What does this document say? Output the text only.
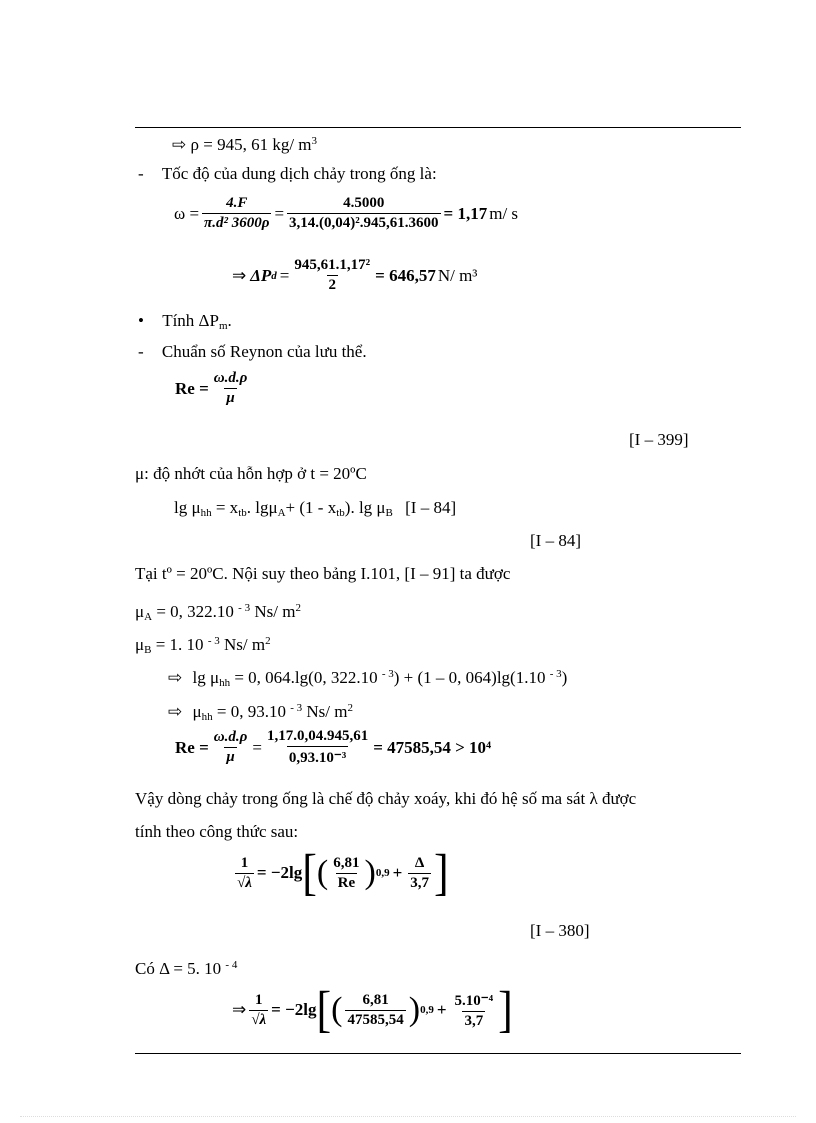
⇨ ρ = 945, 61 kg/ $m^3$
- Tốc độ của dung dịch chảy trong ống là:
$\omega = \frac{4.F}{\text{π.d² 3600ρ}} = \frac{4.5000}{\text{3,14.(0,04)².945,61.3600}} = 1,17$ m/ s
⇒ ΔP $d = \frac{\text{945,61.1,17²}}{2} = 646,57$ N/ m³
• Tính $\Delta P_m$.
- Chuẩn số Reynon của lưu thể.
$Re = \frac{\omega.d.\rho}{\mu}$
[I – 399]
μ: độ nhớt của hỗn hợp ở t = 20ºC
$\lg \mu_{hh} = x_{tb}$. $\lg\mu_A+ (1 - x_{tb})$. $\lg \mu_B$ [I – 84]
[I – 84]
Tại tº = 20ºC. Nội suy theo bảng I.101, [I – 91] ta được
$\mu_A = 0$, 322.10 $^{- 3}$ Ns/ $m^2$
$\mu_B = 1$. 10 $^{- 3}$ Ns/ $m^2$
⇨ $\lg \mu_{hh} = 0$, 064.lg(0, 322.10 $^{- 3}$) + (1 – 0, 064)lg(1.10 $^{- 3}$)
⇨ $\mu_{hh} = 0$, 93.10 $^{- 3}$ Ns/ $m^2$
$Re = \frac{\omega.d.\rho}{\mu} = \frac{1,17.0,04.945,61}{\text{0,93.10⁻³}} = 47585,54 > 10^4$
Vậy dòng chảy trong ống là chế độ chảy xoáy, khi đó hệ số ma sát λ được
tính theo công thức sau:
$\frac{1}{√\lambda} = -2\lg$ [ ( $\frac{6,81}{Re}$ ) $0,9 + \frac{\Delta}{3,7}$ ]
[I – 380]
Có Δ = 5. 10 $^{- 4}$
⇒ $\frac{1}{√\lambda} = -2\lg$ [ ( $\frac{6,81}{47585,54}$ ) $0,9 + \frac{\text{5.10⁻⁴}}{3,7}$ ]
